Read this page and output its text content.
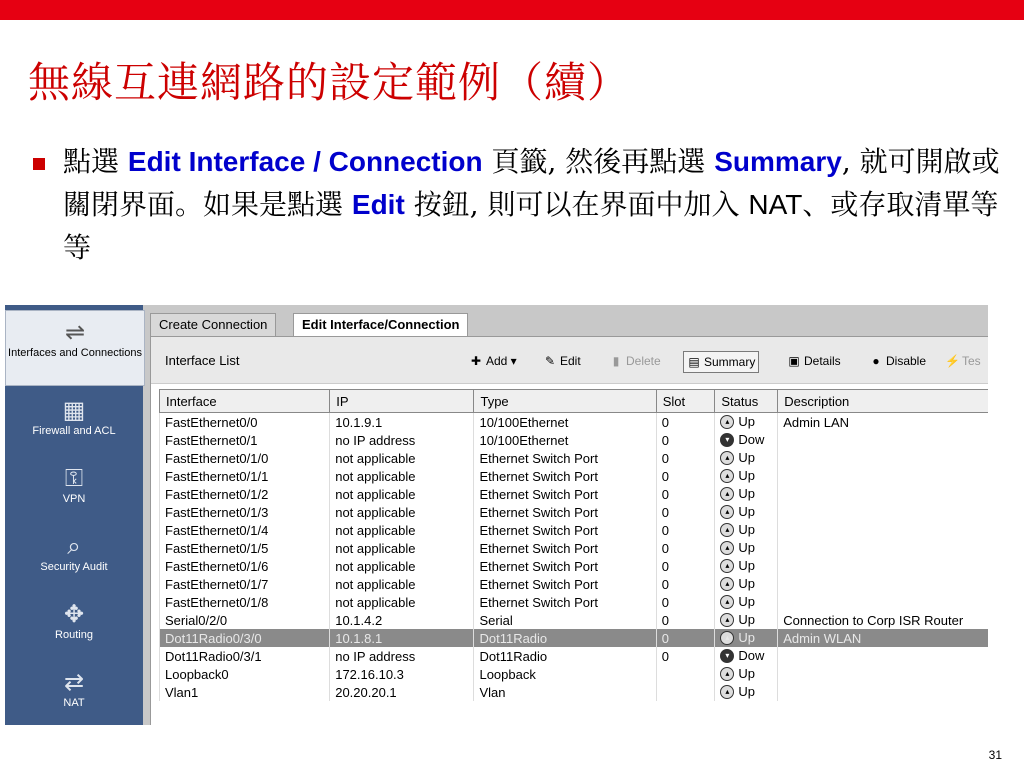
無線互連網路的設定範例（續）
點選 Edit Interface / Connection 頁籤, 然後再點選 Summary, 就可開啟或關閉界面。如果是點選 Edit 按鈕, 則可以在界面中加入 NAT、或存取清單等等
⇌
Interfaces and Connections
▦
Firewall and ACL
⚿
VPN
⌕
Security Audit
✥
Routing
⇄
NAT
Create Connection	Edit Interface/Connection
Interface List	✚ Add ▾ ✎ Edit	▮ Delete	▤ Summary	▣ Details	● Disable ⚡ Tes
Interface	IP	Type	Slot	Status	Description
FastEthernet0/0	10.1.9.1	10/100Ethernet	0	▴ Up	Admin LAN
FastEthernet0/1	no IP address	10/100Ethernet	0	▾ Dow	
FastEthernet0/1/0	not applicable	Ethernet Switch Port	0	▴ Up	
FastEthernet0/1/1	not applicable	Ethernet Switch Port	0	▴ Up	
FastEthernet0/1/2	not applicable	Ethernet Switch Port	0	▴ Up	
FastEthernet0/1/3	not applicable	Ethernet Switch Port	0	▴ Up	
FastEthernet0/1/4	not applicable	Ethernet Switch Port	0	▴ Up	
FastEthernet0/1/5	not applicable	Ethernet Switch Port	0	▴ Up	
FastEthernet0/1/6	not applicable	Ethernet Switch Port	0	▴ Up	
FastEthernet0/1/7	not applicable	Ethernet Switch Port	0	▴ Up	
FastEthernet0/1/8	not applicable	Ethernet Switch Port	0	▴ Up	
Serial0/2/0	10.1.4.2	Serial	0	▴ Up	Connection to Corp ISR Router
Dot11Radio0/3/0	10.1.8.1	Dot11Radio	0	▴ Up	Admin WLAN
Dot11Radio0/3/1	no IP address	Dot11Radio	0	▾ Dow	
Loopback0	172.16.10.3	Loopback		▴ Up	
Vlan1	20.20.20.1	Vlan		▴ Up	
31
